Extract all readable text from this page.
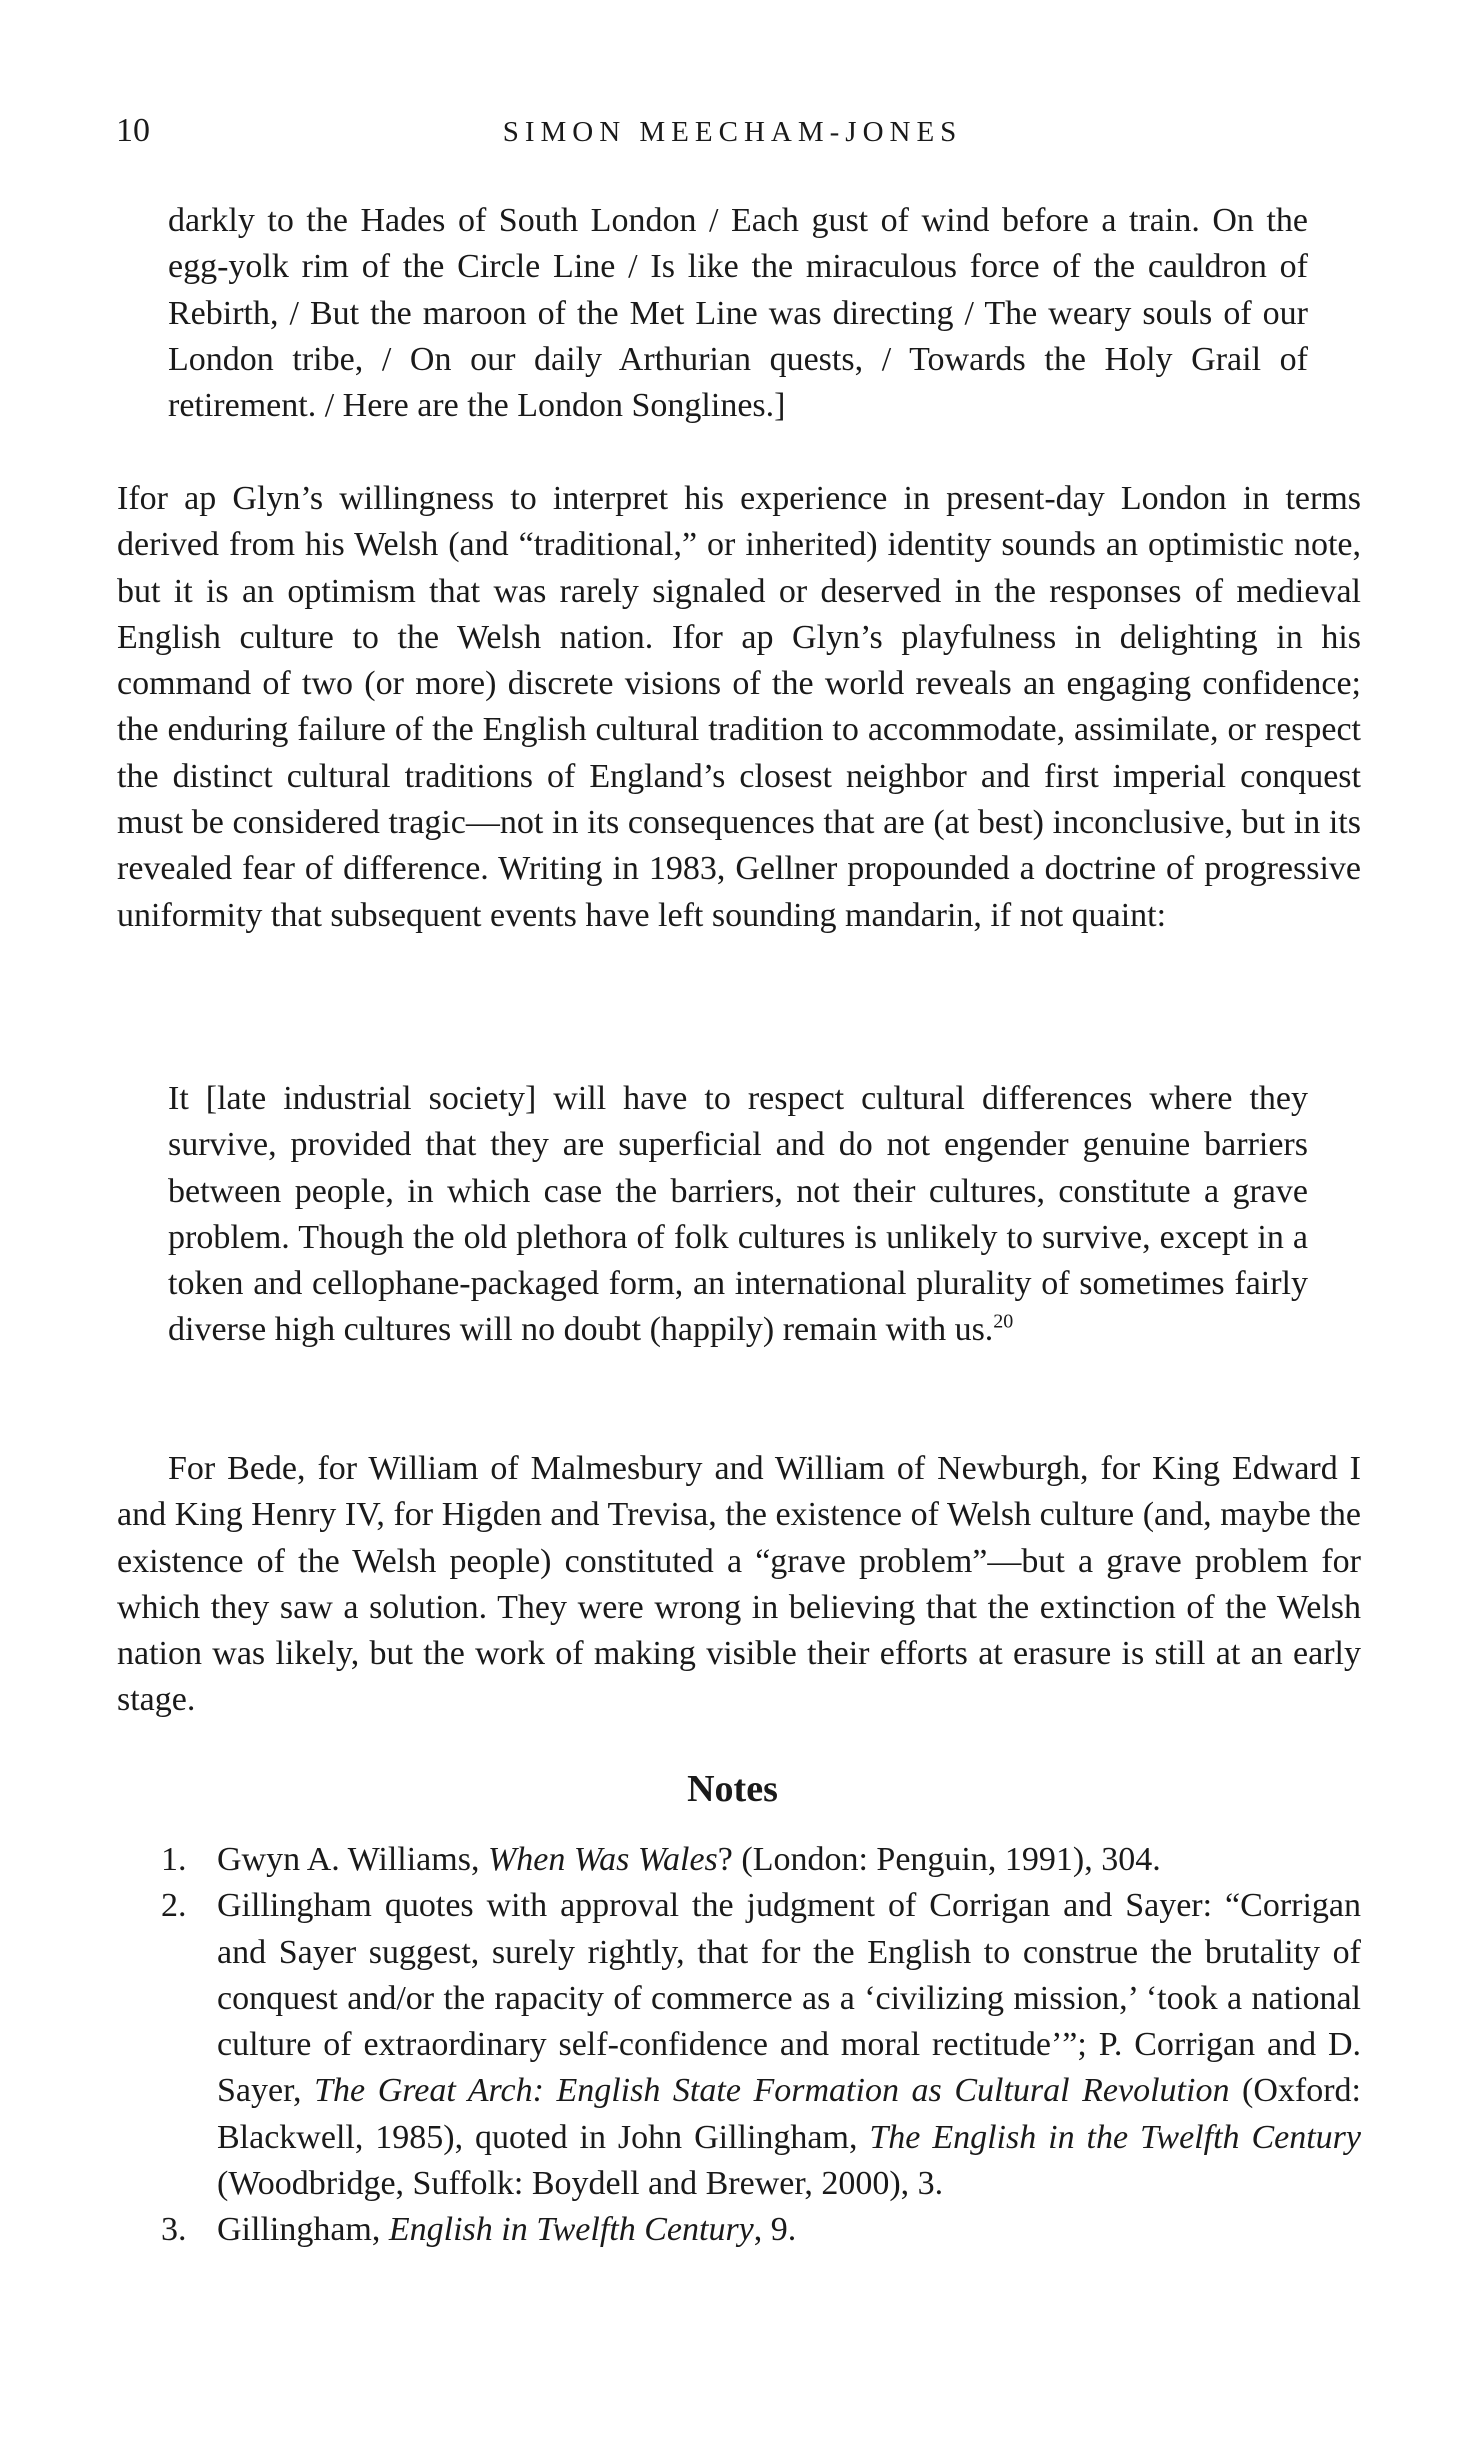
10	SIMON MEECHAM-JONES

darkly to the Hades of South London / Each gust of wind before a train. On the egg-yolk rim of the Circle Line / Is like the miraculous force of the cauldron of Rebirth, / But the maroon of the Met Line was directing / The weary souls of our London tribe, / On our daily Arthurian quests, / Towards the Holy Grail of retirement. / Here are the London Songlines.]

Ifor ap Glyn’s willingness to interpret his experience in present-day London in terms derived from his Welsh (and “traditional,” or inherited) identity sounds an optimistic note, but it is an optimism that was rarely signaled or deserved in the responses of medieval English culture to the Welsh nation. Ifor ap Glyn’s playfulness in delighting in his command of two (or more) discrete visions of the world reveals an engaging confidence; the enduring failure of the English cultural tradition to accommodate, assimilate, or respect the distinct cultural traditions of England’s closest neighbor and first imperial conquest must be considered tragic—not in its consequences that are (at best) inconclusive, but in its revealed fear of difference. Writing in 1983, Gellner propounded a doctrine of progressive uniformity that subsequent events have left sounding mandarin, if not quaint:

It [late industrial society] will have to respect cultural differences where they survive, provided that they are superficial and do not engender genuine barriers between people, in which case the barriers, not their cultures, constitute a grave problem. Though the old plethora of folk cultures is unlikely to survive, except in a token and cellophane-packaged form, an international plurality of sometimes fairly diverse high cultures will no doubt (happily) remain with us.$^{20}$

For Bede, for William of Malmesbury and William of Newburgh, for King Edward I and King Henry IV, for Higden and Trevisa, the existence of Welsh culture (and, maybe the existence of the Welsh people) constituted a “grave problem”—but a grave problem for which they saw a solution. They were wrong in believing that the extinction of the Welsh nation was likely, but the work of making visible their efforts at erasure is still at an early stage.

Notes
1. Gwyn A. Williams, When Was Wales? (London: Penguin, 1991), 304.
2. Gillingham quotes with approval the judgment of Corrigan and Sayer: “Corrigan and Sayer suggest, surely rightly, that for the English to construe the brutality of conquest and/or the rapacity of commerce as a ‘civilizing mission,’ ‘took a national culture of extraordinary self-confidence and moral rectitude’”; P. Corrigan and D. Sayer, The Great Arch: English State Formation as Cultural Revolution (Oxford: Blackwell, 1985), quoted in John Gillingham, The English in the Twelfth Century (Woodbridge, Suffolk: Boydell and Brewer, 2000), 3.
3. Gillingham, English in Twelfth Century, 9.
